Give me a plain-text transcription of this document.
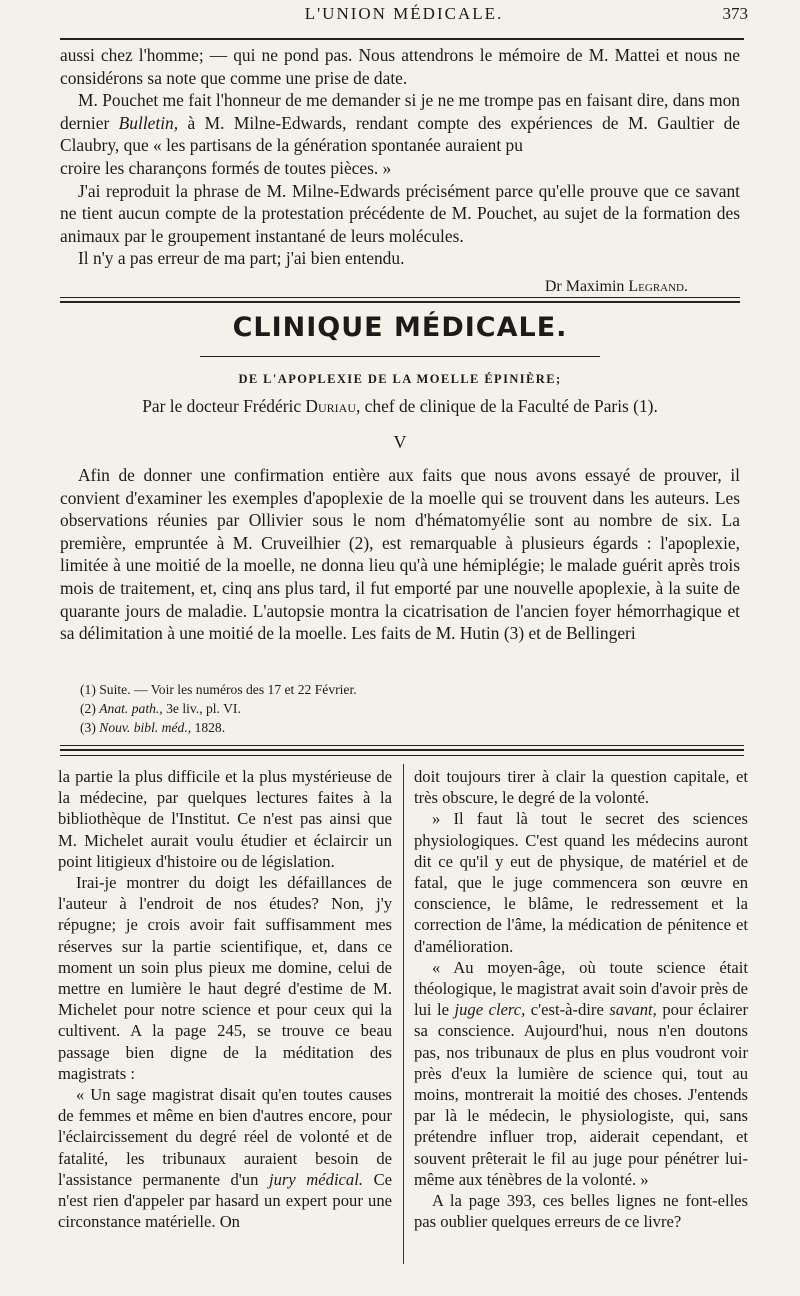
L'UNION MÉDICALE.	373

aussi chez l'homme; — qui ne pond pas. Nous attendrons le mémoire de M. Mattei et nous ne considérons sa note que comme une prise de date.

M. Pouchet me fait l'honneur de me demander si je ne me trompe pas en faisant dire, dans mon dernier Bulletin, à M. Milne-Edwards, rendant compte des expériences de M. Gaultier de Claubry, que « les partisans de la génération spontanée auraient pu

croire les charançons formés de toutes pièces. »

J'ai reproduit la phrase de M. Milne-Edwards précisément parce qu'elle prouve que ce savant ne tient aucun compte de la protestation précédente de M. Pouchet, au sujet de la formation des animaux par le groupement instantané de leurs molécules.

Il n'y a pas erreur de ma part; j'ai bien entendu.

Dr Maximin Legrand.

CLINIQUE MÉDICALE.
DE L'APOPLEXIE DE LA MOELLE ÉPINIÈRE;
Par le docteur Frédéric Duriau, chef de clinique de la Faculté de Paris (1).
V

Afin de donner une confirmation entière aux faits que nous avons essayé de prouver, il convient d'examiner les exemples d'apoplexie de la moelle qui se trouvent dans les auteurs. Les observations réunies par Ollivier sous le nom d'hématomyélie sont au nombre de six. La première, empruntée à M. Cruveilhier (2), est remarquable à plusieurs égards : l'apoplexie, limitée à une moitié de la moelle, ne donna lieu qu'à une hémiplégie; le malade guérit après trois mois de traitement, et, cinq ans plus tard, il fut emporté par une nouvelle apoplexie, à la suite de quarante jours de maladie. L'autopsie montra la cicatrisation de l'ancien foyer hémorrhagique et sa délimitation à une moitié de la moelle. Les faits de M. Hutin (3) et de Bellingeri

(1) Suite. — Voir les numéros des 17 et 22 Février.
(2) Anat. path., 3e liv., pl. VI.
(3) Nouv. bibl. méd., 1828.

la partie la plus difficile et la plus mystérieuse de la médecine, par quelques lectures faites à la bibliothèque de l'Institut. Ce n'est pas ainsi que M. Michelet aurait voulu étudier et éclaircir un point litigieux d'histoire ou de législation.

Irai-je montrer du doigt les défaillances de l'auteur à l'endroit de nos études? Non, j'y répugne; je crois avoir fait suffisamment mes réserves sur la partie scientifique, et, dans ce moment un soin plus pieux me domine, celui de mettre en lumière le haut degré d'estime de M. Michelet pour notre science et pour ceux qui la cultivent. A la page 245, se trouve ce beau passage bien digne de la méditation des magistrats :

« Un sage magistrat disait qu'en toutes causes de femmes et même en bien d'autres encore, pour l'éclaircissement du degré réel de volonté et de fatalité, les tribunaux auraient besoin de l'assistance permanente d'un jury médical. Ce n'est rien d'appeler par hasard un expert pour une circonstance matérielle. On

doit toujours tirer à clair la question capitale, et très obscure, le degré de la volonté.

» Il faut là tout le secret des sciences physiologiques. C'est quand les médecins auront dit ce qu'il y eut de physique, de matériel et de fatal, que le juge commencera son œuvre en conscience, le blâme, le redressement et la correction de l'âme, la médication de pénitence et d'amélioration.

« Au moyen-âge, où toute science était théologique, le magistrat avait soin d'avoir près de lui le juge clerc, c'est-à-dire savant, pour éclairer sa conscience. Aujourd'hui, nous n'en doutons pas, nos tribunaux de plus en plus voudront voir près d'eux la lumière de science qui, tout au moins, montrerait la moitié des choses. J'entends par là le médecin, le physiologiste, qui, sans prétendre influer trop, aiderait cependant, et souvent prêterait le fil au juge pour pénétrer lui-même aux ténèbres de la volonté. »

A la page 393, ces belles lignes ne font-elles pas oublier quelques erreurs de ce livre?
